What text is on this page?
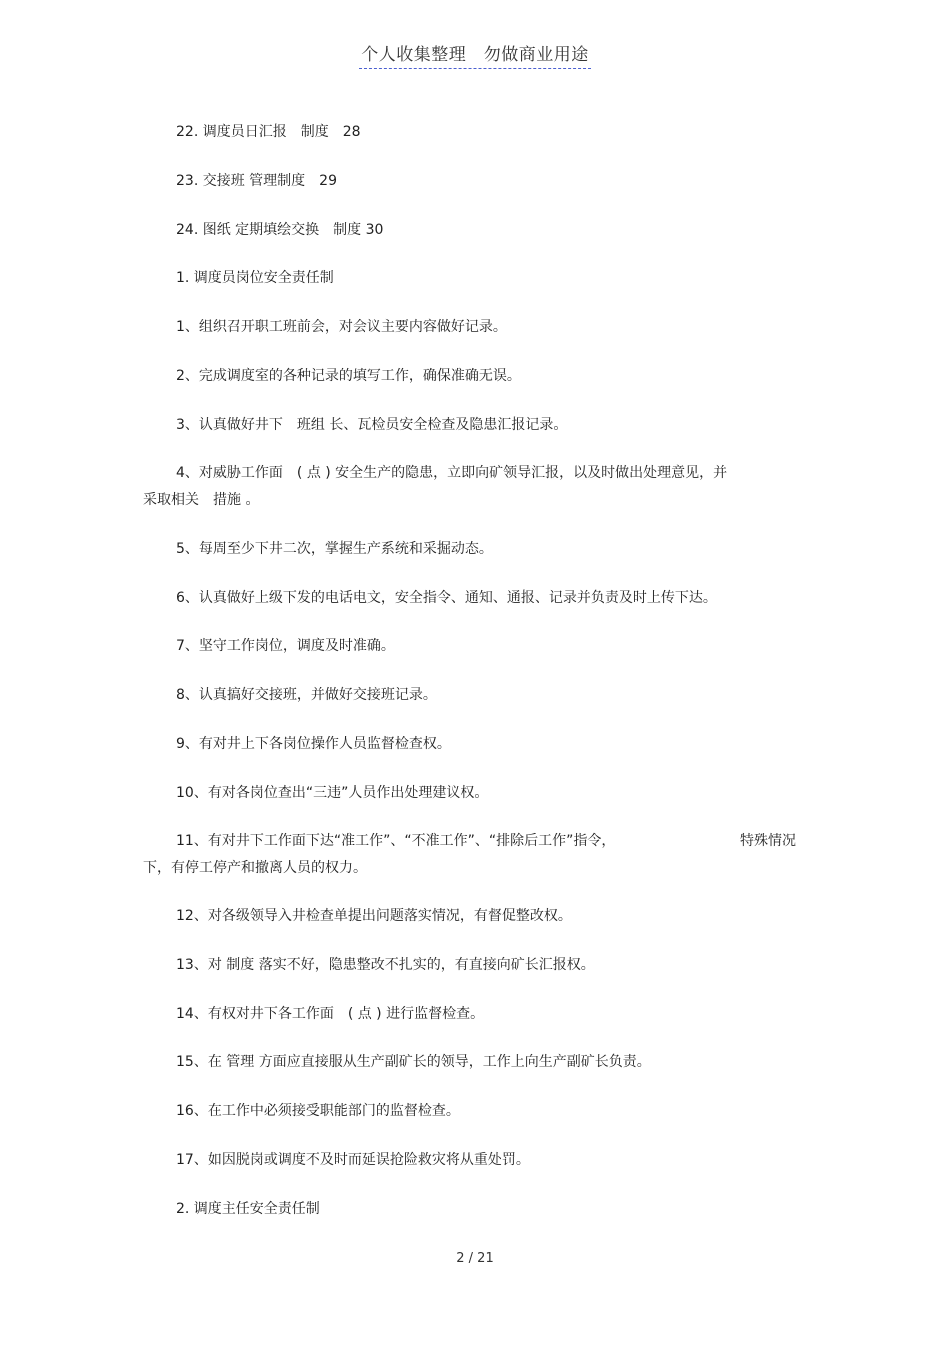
个人收集整理　勿做商业用途
22. 调度员日汇报　制度　28
23. 交接班 管理制度　29
24. 图纸 定期填绘交换　制度 30
1. 调度员岗位安全责任制
1、组织召开职工班前会，对会议主要内容做好记录。
2、完成调度室的各种记录的填写工作，确保准确无误。
3、认真做好井下　班组 长、瓦检员安全检查及隐患汇报记录。
4、对威胁工作面　( 点 ) 安全生产的隐患，立即向矿领导汇报，以及时做出处理意见，并
采取相关　措施 。
5、每周至少下井二次，掌握生产系统和采掘动态。
6、认真做好上级下发的电话电文，安全指令、通知、通报、记录并负责及时上传下达。
7、坚守工作岗位，调度及时准确。
8、认真搞好交接班，并做好交接班记录。
9、有对井上下各岗位操作人员监督检查权。
10、有对各岗位查出“三违”人员作出处理建议权。
11、有对井下工作面下达“准工作”、“不准工作”、“排除后工作”指令，	特殊情况
下，有停工停产和撤离人员的权力。
12、对各级领导入井检查单提出问题落实情况，有督促整改权。
13、对 制度 落实不好，隐患整改不扎实的，有直接向矿长汇报权。
14、有权对井下各工作面　( 点 ) 进行监督检查。
15、在 管理 方面应直接服从生产副矿长的领导，工作上向生产副矿长负责。
16、在工作中必须接受职能部门的监督检查。
17、如因脱岗或调度不及时而延误抢险救灾将从重处罚。
2. 调度主任安全责任制
2 / 21
